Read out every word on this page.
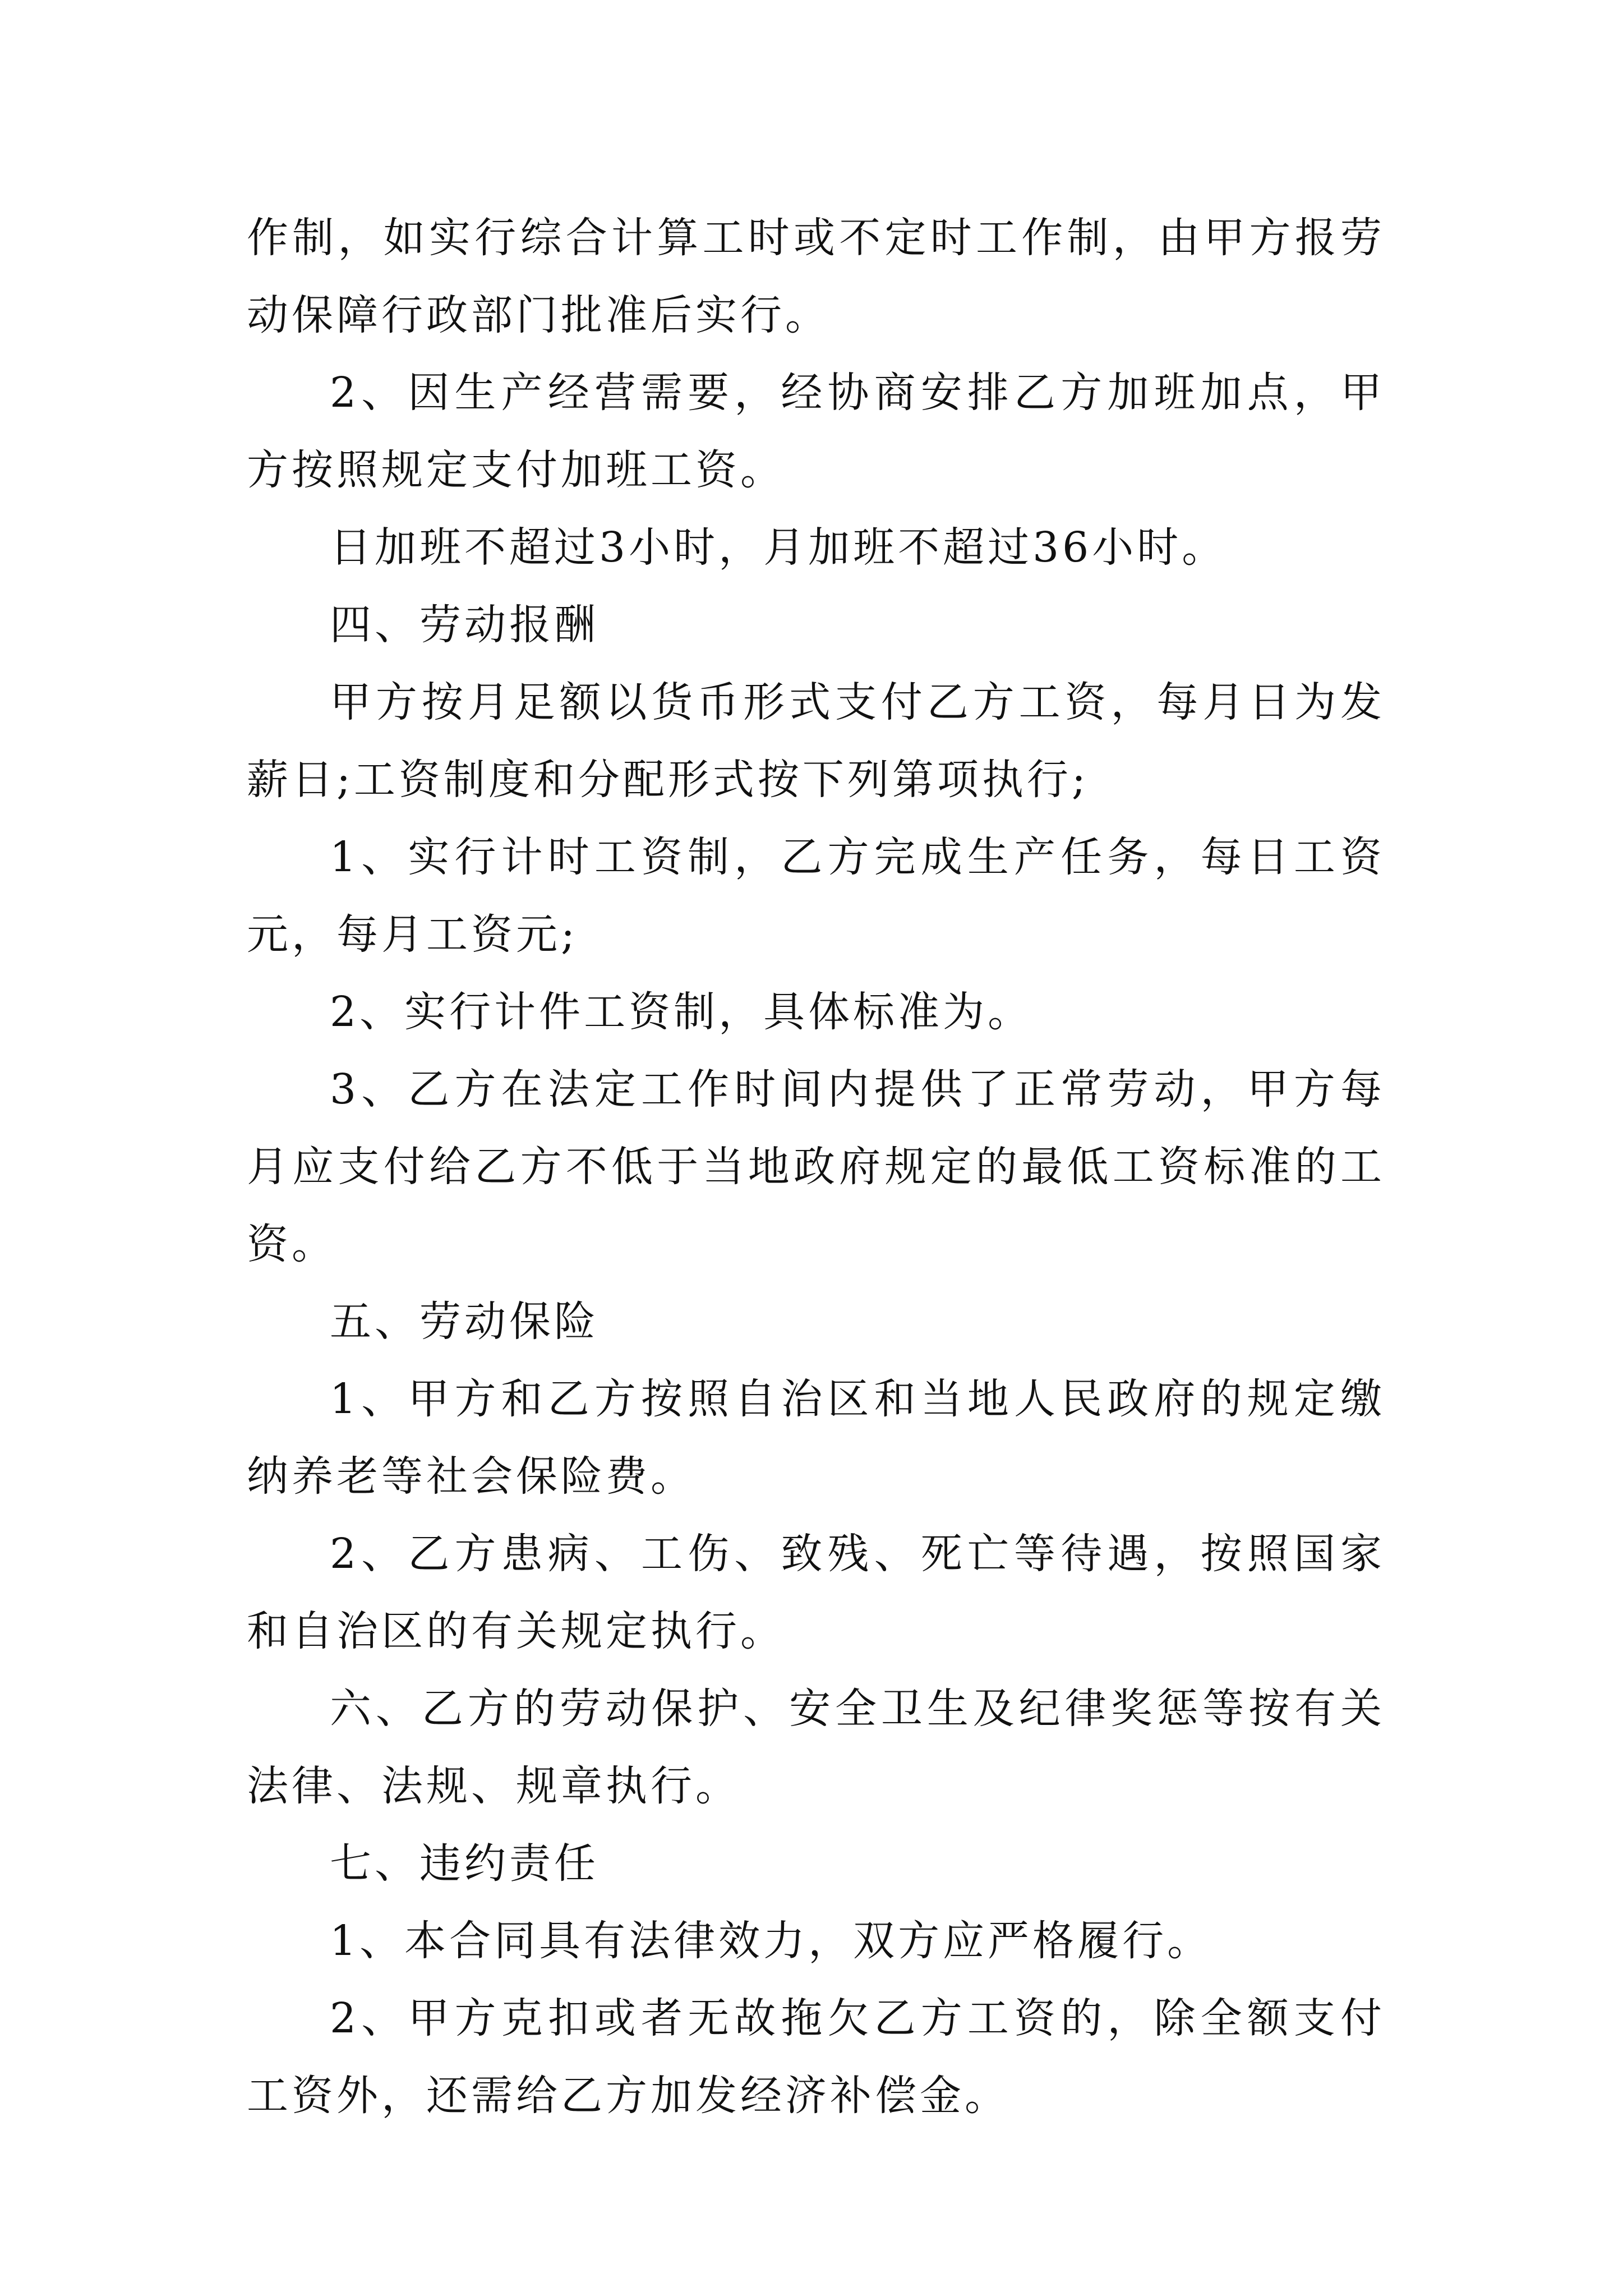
作制，如实行综合计算工时或不定时工作制，由甲方报劳动保障行政部门批准后实行。

2、因生产经营需要，经协商安排乙方加班加点，甲方按照规定支付加班工资。

日加班不超过3小时，月加班不超过36小时。

四、劳动报酬

甲方按月足额以货币形式支付乙方工资，每月日为发薪日;工资制度和分配形式按下列第项执行;

1、实行计时工资制，乙方完成生产任务，每日工资元，每月工资元;

2、实行计件工资制，具体标准为。

3、乙方在法定工作时间内提供了正常劳动，甲方每月应支付给乙方不低于当地政府规定的最低工资标准的工资。

五、劳动保险

1、甲方和乙方按照自治区和当地人民政府的规定缴纳养老等社会保险费。

2、乙方患病、工伤、致残、死亡等待遇，按照国家和自治区的有关规定执行。

六、乙方的劳动保护、安全卫生及纪律奖惩等按有关法律、法规、规章执行。

七、违约责任

1、本合同具有法律效力，双方应严格履行。

2、甲方克扣或者无故拖欠乙方工资的，除全额支付工资外，还需给乙方加发经济补偿金。
